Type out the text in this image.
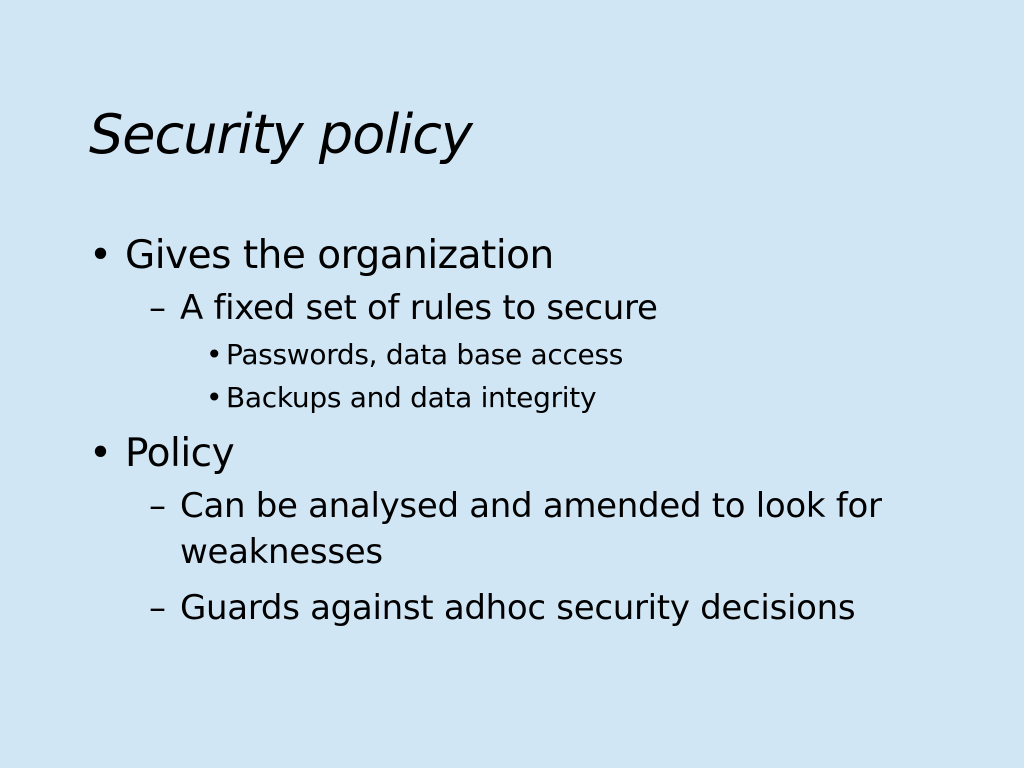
Security policy
• Gives the organization
– A fixed set of rules to secure
• Passwords, data base access
• Backups and data integrity
• Policy
– Can be analysed and amended to look for
weaknesses
– Guards against adhoc security decisions
